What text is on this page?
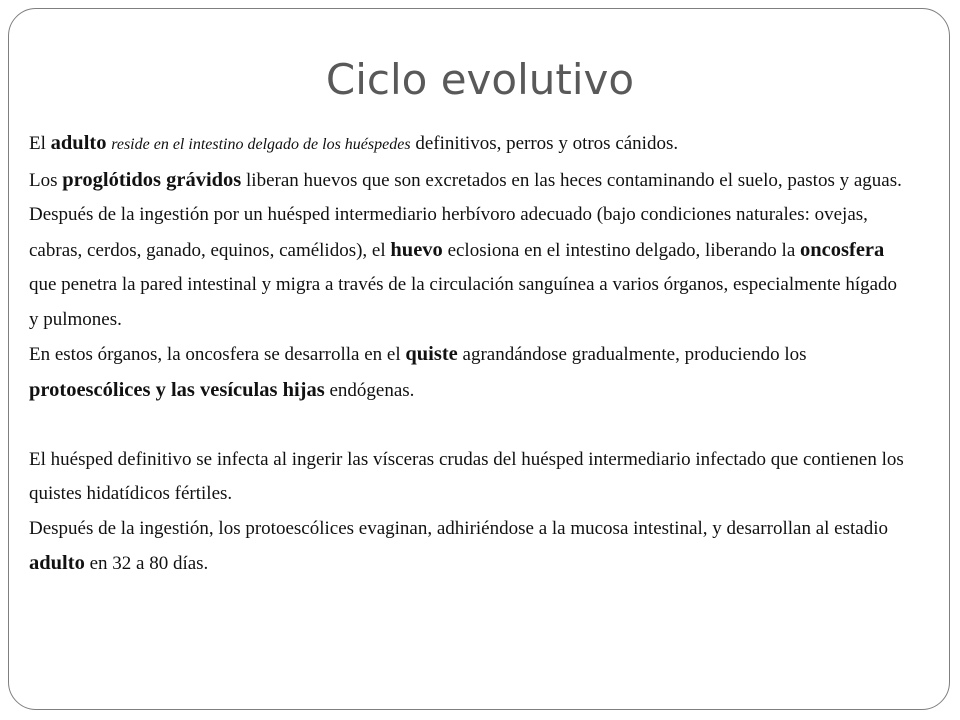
Ciclo evolutivo

El adulto reside en el intestino delgado de los huéspedes definitivos, perros y otros cánidos.

Los proglótidos grávidos liberan huevos que son excretados en las heces contaminando el suelo, pastos y aguas.

Después de la ingestión por un huésped intermediario herbívoro adecuado (bajo condiciones naturales: ovejas, cabras, cerdos, ganado, equinos, camélidos), el huevo eclosiona en el intestino delgado, liberando la oncosfera que penetra la pared intestinal y migra a través de la circulación sanguínea a varios órganos, especialmente hígado y pulmones.

En estos órganos, la oncosfera se desarrolla en el quiste agrandándose gradualmente, produciendo los protoescólices y las vesículas hijas endógenas.

El huésped definitivo se infecta al ingerir las vísceras crudas del huésped intermediario infectado que contienen los quistes hidatídicos fértiles.

Después de la ingestión, los protoescólices evaginan, adhiriéndose a la mucosa intestinal, y desarrollan al estadio adulto en 32 a 80 días.
